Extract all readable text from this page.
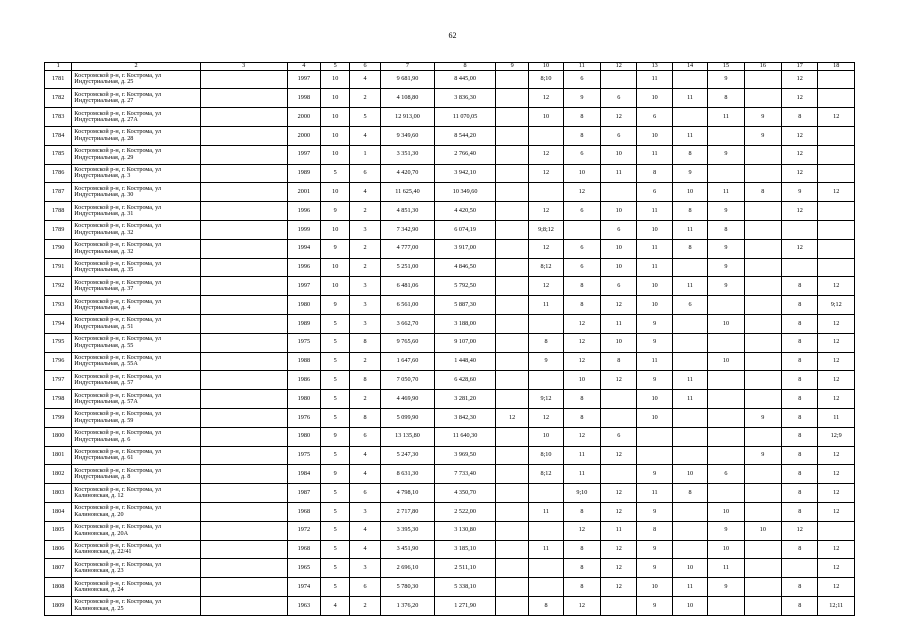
62
1	2	3	4	5	6	7	8	9	10	11	12	13	14	15	16	17	18
1781	Костромской р-н, г. Кострома, ул Индустриальная, д. 25		1997	10	4	9 681,90	8 445,00		8;10	6		11		9		12	
1782	Костромской р-н, г. Кострома, ул Индустриальная, д. 27		1998	10	2	4 108,80	3 836,30		12	9	6	10	11	8		12	
1783	Костромской р-н, г. Кострома, ул Индустриальная, д. 27А		2000	10	5	12 913,00	11 070,05		10	8	12	6		11	9	8	12
1784	Костромской р-н, г. Кострома, ул Индустриальная, д. 28		2000	10	4	9 349,60	8 544,20			8	6	10	11		9	12	
1785	Костромской р-н, г. Кострома, ул Индустриальная, д. 29		1997	10	1	3 351,30	2 766,40		12	6	10	11	8	9		12	
1786	Костромской р-н, г. Кострома, ул Индустриальная, д. 3		1989	5	6	4 420,70	3 942,10		12	10	11	8	9			12	
1787	Костромской р-н, г. Кострома, ул Индустриальная, д. 30		2001	10	4	11 625,40	10 349,60			12		6	10	11	8	9	12
1788	Костромской р-н, г. Кострома, ул Индустриальная, д. 31		1996	9	2	4 851,30	4 420,50		12	6	10	11	8	9		12	
1789	Костромской р-н, г. Кострома, ул Индустриальная, д. 32		1999	10	3	7 342,90	6 074,19		9;8;12		6	10	11	8			
1790	Костромской р-н, г. Кострома, ул Индустриальная, д. 32		1994	9	2	4 777,00	3 917,00		12	6	10	11	8	9		12	
1791	Костромской р-н, г. Кострома, ул Индустриальная, д. 35		1996	10	2	5 251,00	4 846,50		8;12	6	10	11		9			
1792	Костромской р-н, г. Кострома, ул Индустриальная, д. 37		1997	10	3	6 481,06	5 792,50		12	8	6	10	11	9		8	12
1793	Костромской р-н, г. Кострома, ул Индустриальная, д. 4		1980	9	3	6 561,00	5 887,30		11	8	12	10	6			8	9;12
1794	Костромской р-н, г. Кострома, ул Индустриальная, д. 51		1989	5	3	3 662,70	3 188,00			12	11	9		10		8	12
1795	Костромской р-н, г. Кострома, ул Индустриальная, д. 55		1975	5	8	9 765,60	9 107,00		8	12	10	9				8	12
1796	Костромской р-н, г. Кострома, ул Индустриальная, д. 55А		1988	5	2	1 647,60	1 448,40		9	12	8	11		10		8	12
1797	Костромской р-н, г. Кострома, ул Индустриальная, д. 57		1986	5	8	7 050,70	6 428,60			10	12	9	11			8	12
1798	Костромской р-н, г. Кострома, ул Индустриальная, д. 57А		1980	5	2	4 469,90	3 281,20		9;12	8		10	11			8	12
1799	Костромской р-н, г. Кострома, ул Индустриальная, д. 59		1976	5	8	5 099,90	3 842,30	12	12	8		10			9	8	11
1800	Костромской р-н, г. Кострома, ул Индустриальная, д. 6		1980	9	6	13 135,80	11 640,30		10	12	6					8	12;9
1801	Костромской р-н, г. Кострома, ул Индустриальная, д. 61		1975	5	4	5 247,30	3 969,50		8;10	11	12				9	8	12
1802	Костромской р-н, г. Кострома, ул Индустриальная, д. 8		1984	9	4	8 631,30	7 733,40		8;12	11		9	10	6		8	12
1803	Костромской р-н, г. Кострома, ул Калиновская, д. 12		1987	5	6	4 798,10	4 350,70			9;10	12	11	8			8	12
1804	Костромской р-н, г. Кострома, ул Калиновская, д. 20		1968	5	3	2 717,80	2 522,00		11	8	12	9		10		8	12
1805	Костромской р-н, г. Кострома, ул Калиновская, д. 20А		1972	5	4	3 395,30	3 130,80			12	11	8		9	10	12	
1806	Костромской р-н, г. Кострома, ул Калиновская, д. 22/41		1968	5	4	3 451,90	3 185,10		11	8	12	9		10		8	12
1807	Костромской р-н, г. Кострома, ул Калиновская, д. 23		1965	5	3	2 696,10	2 511,10			8	12	9	10	11			12
1808	Костромской р-н, г. Кострома, ул Калиновская, д. 24		1974	5	6	5 780,30	5 338,10			8	12	10	11	9		8	12
1809	Костромской р-н, г. Кострома, ул Калиновская, д. 25		1963	4	2	1 376,20	1 271,90		8	12		9	10			8	12;11
